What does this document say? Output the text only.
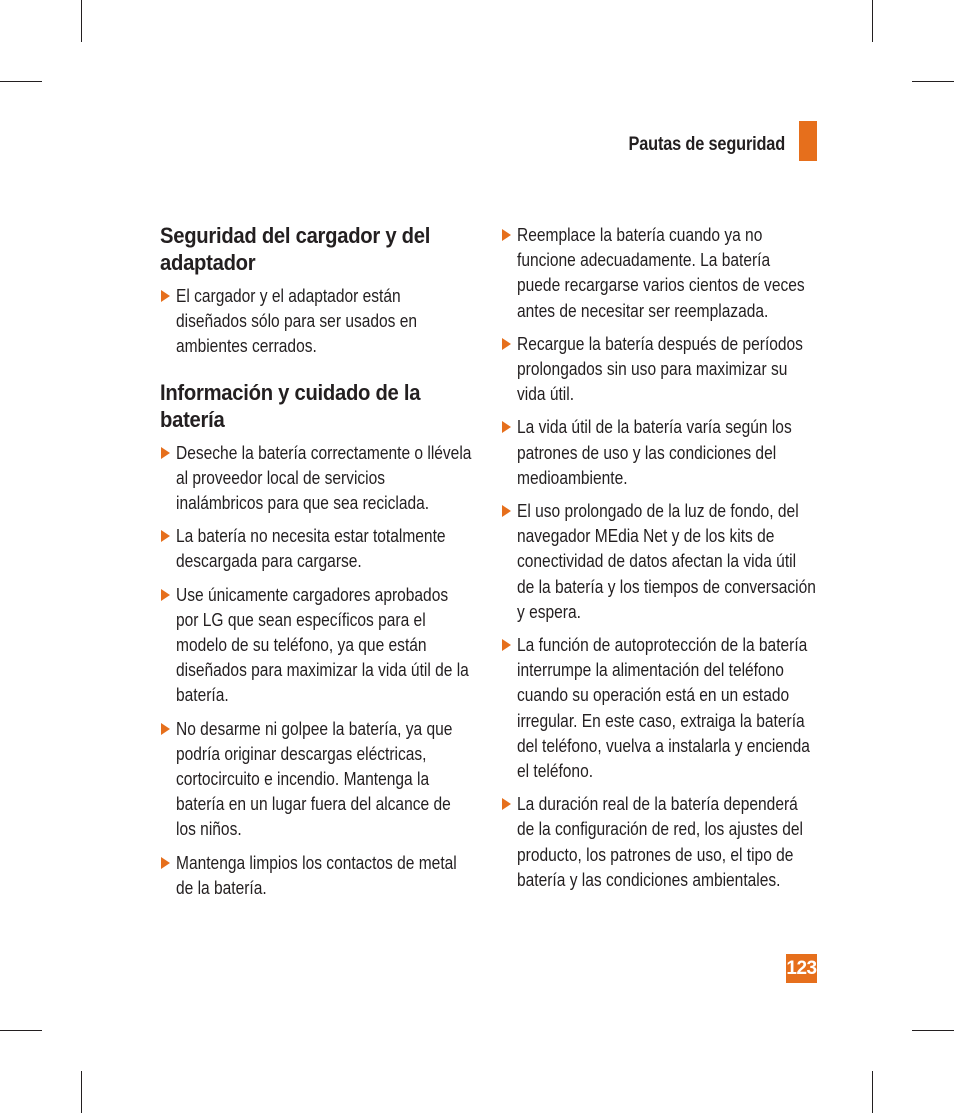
Pautas de seguridad
Seguridad del cargador y del adaptador
El cargador y el adaptador están diseñados sólo para ser usados en ambientes cerrados.
Información y cuidado de la batería
Deseche la batería correctamente o llévela al proveedor local de servicios inalámbricos para que sea reciclada.
La batería no necesita estar totalmente descargada para cargarse.
Use únicamente cargadores aprobados por LG que sean específicos para el modelo de su teléfono, ya que están diseñados para maximizar la vida útil de la batería.
No desarme ni golpee la batería, ya que podría originar descargas eléctricas, cortocircuito e incendio. Mantenga la batería en un lugar fuera del alcance de los niños.
Mantenga limpios los contactos de metal de la batería.
Reemplace la batería cuando ya no funcione adecuadamente. La batería puede recargarse varios cientos de veces antes de necesitar ser reemplazada.
Recargue la batería después de períodos prolongados sin uso para maximizar su vida útil.
La vida útil de la batería varía según los patrones de uso y las condiciones del medioambiente.
El uso prolongado de la luz de fondo, del navegador MEdia Net y de los kits de conectividad de datos afectan la vida útil de la batería y los tiempos de conversación y espera.
La función de autoprotección de la batería interrumpe la alimentación del teléfono cuando su operación está en un estado irregular. En este caso, extraiga la batería del teléfono, vuelva a instalarla y encienda el teléfono.
La duración real de la batería dependerá de la configuración de red, los ajustes del producto, los patrones de uso, el tipo de batería y las condiciones ambientales.
123
